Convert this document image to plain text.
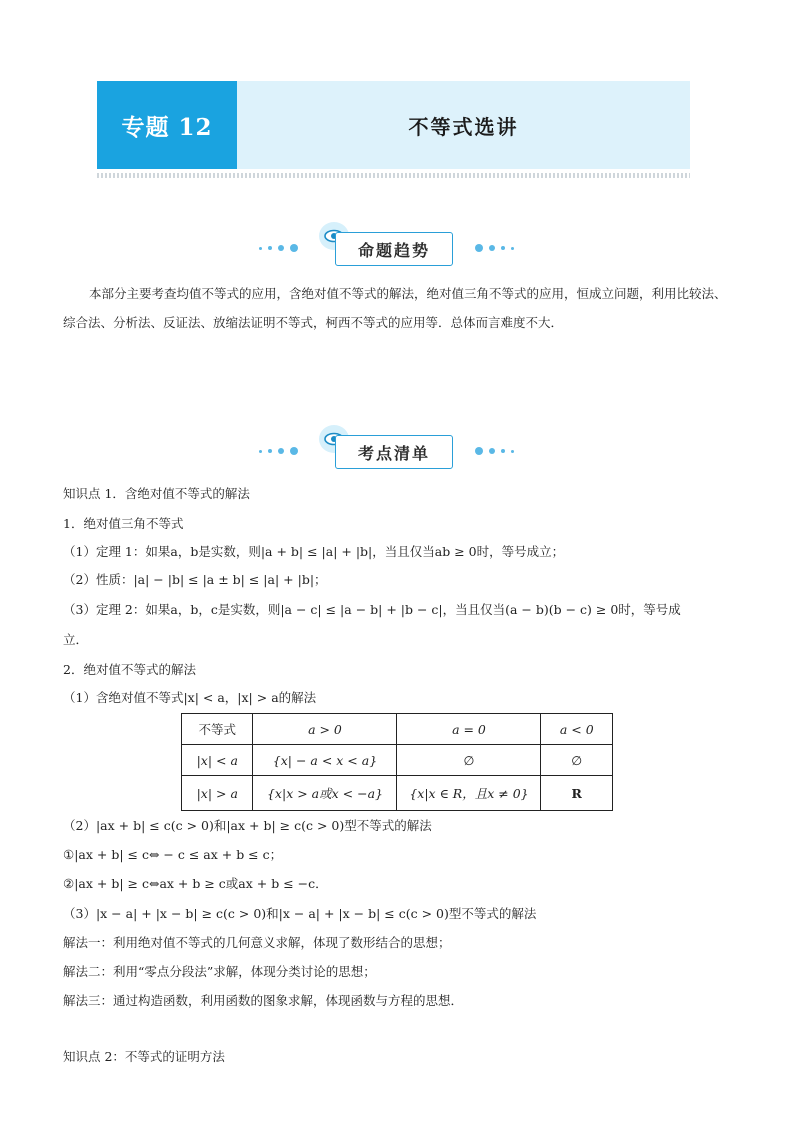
专题 12	不等式选讲
命题趋势
本部分主要考查均值不等式的应用，含绝对值不等式的解法，绝对值三角不等式的应用，恒成立问题，利用比较法、综合法、分析法、反证法、放缩法证明不等式，柯西不等式的应用等．总体而言难度不大．
考点清单
知识点 1．含绝对值不等式的解法
1．绝对值三角不等式
（1）定理 1：如果a，b是实数，则|a + b| ≤ |a| + |b|，当且仅当ab ≥ 0时，等号成立；
（2）性质：|a| − |b| ≤ |a ± b| ≤ |a| + |b|；
（3）定理 2：如果a，b，c是实数，则|a − c| ≤ |a − b| + |b − c|，当且仅当(a − b)(b − c) ≥ 0时，等号成
立．
2．绝对值不等式的解法
（1）含绝对值不等式|x| < a，|x| > a的解法
不等式	a > 0	a = 0	a < 0
|x| < a	{x| − a < x < a}	∅	∅
|x| > a	{x|x > a或x < −a}	{x|x ∈ R，且x ≠ 0}	R
（2）|ax + b| ≤ c(c > 0)和|ax + b| ≥ c(c > 0)型不等式的解法
①|ax + b| ≤ c⇔ − c ≤ ax + b ≤ c；
②|ax + b| ≥ c⇔ax + b ≥ c或ax + b ≤ −c．
（3）|x − a| + |x − b| ≥ c(c > 0)和|x − a| + |x − b| ≤ c(c > 0)型不等式的解法
解法一：利用绝对值不等式的几何意义求解，体现了数形结合的思想；
解法二：利用“零点分段法”求解，体现分类讨论的思想；
解法三：通过构造函数，利用函数的图象求解，体现函数与方程的思想．
知识点 2：不等式的证明方法
